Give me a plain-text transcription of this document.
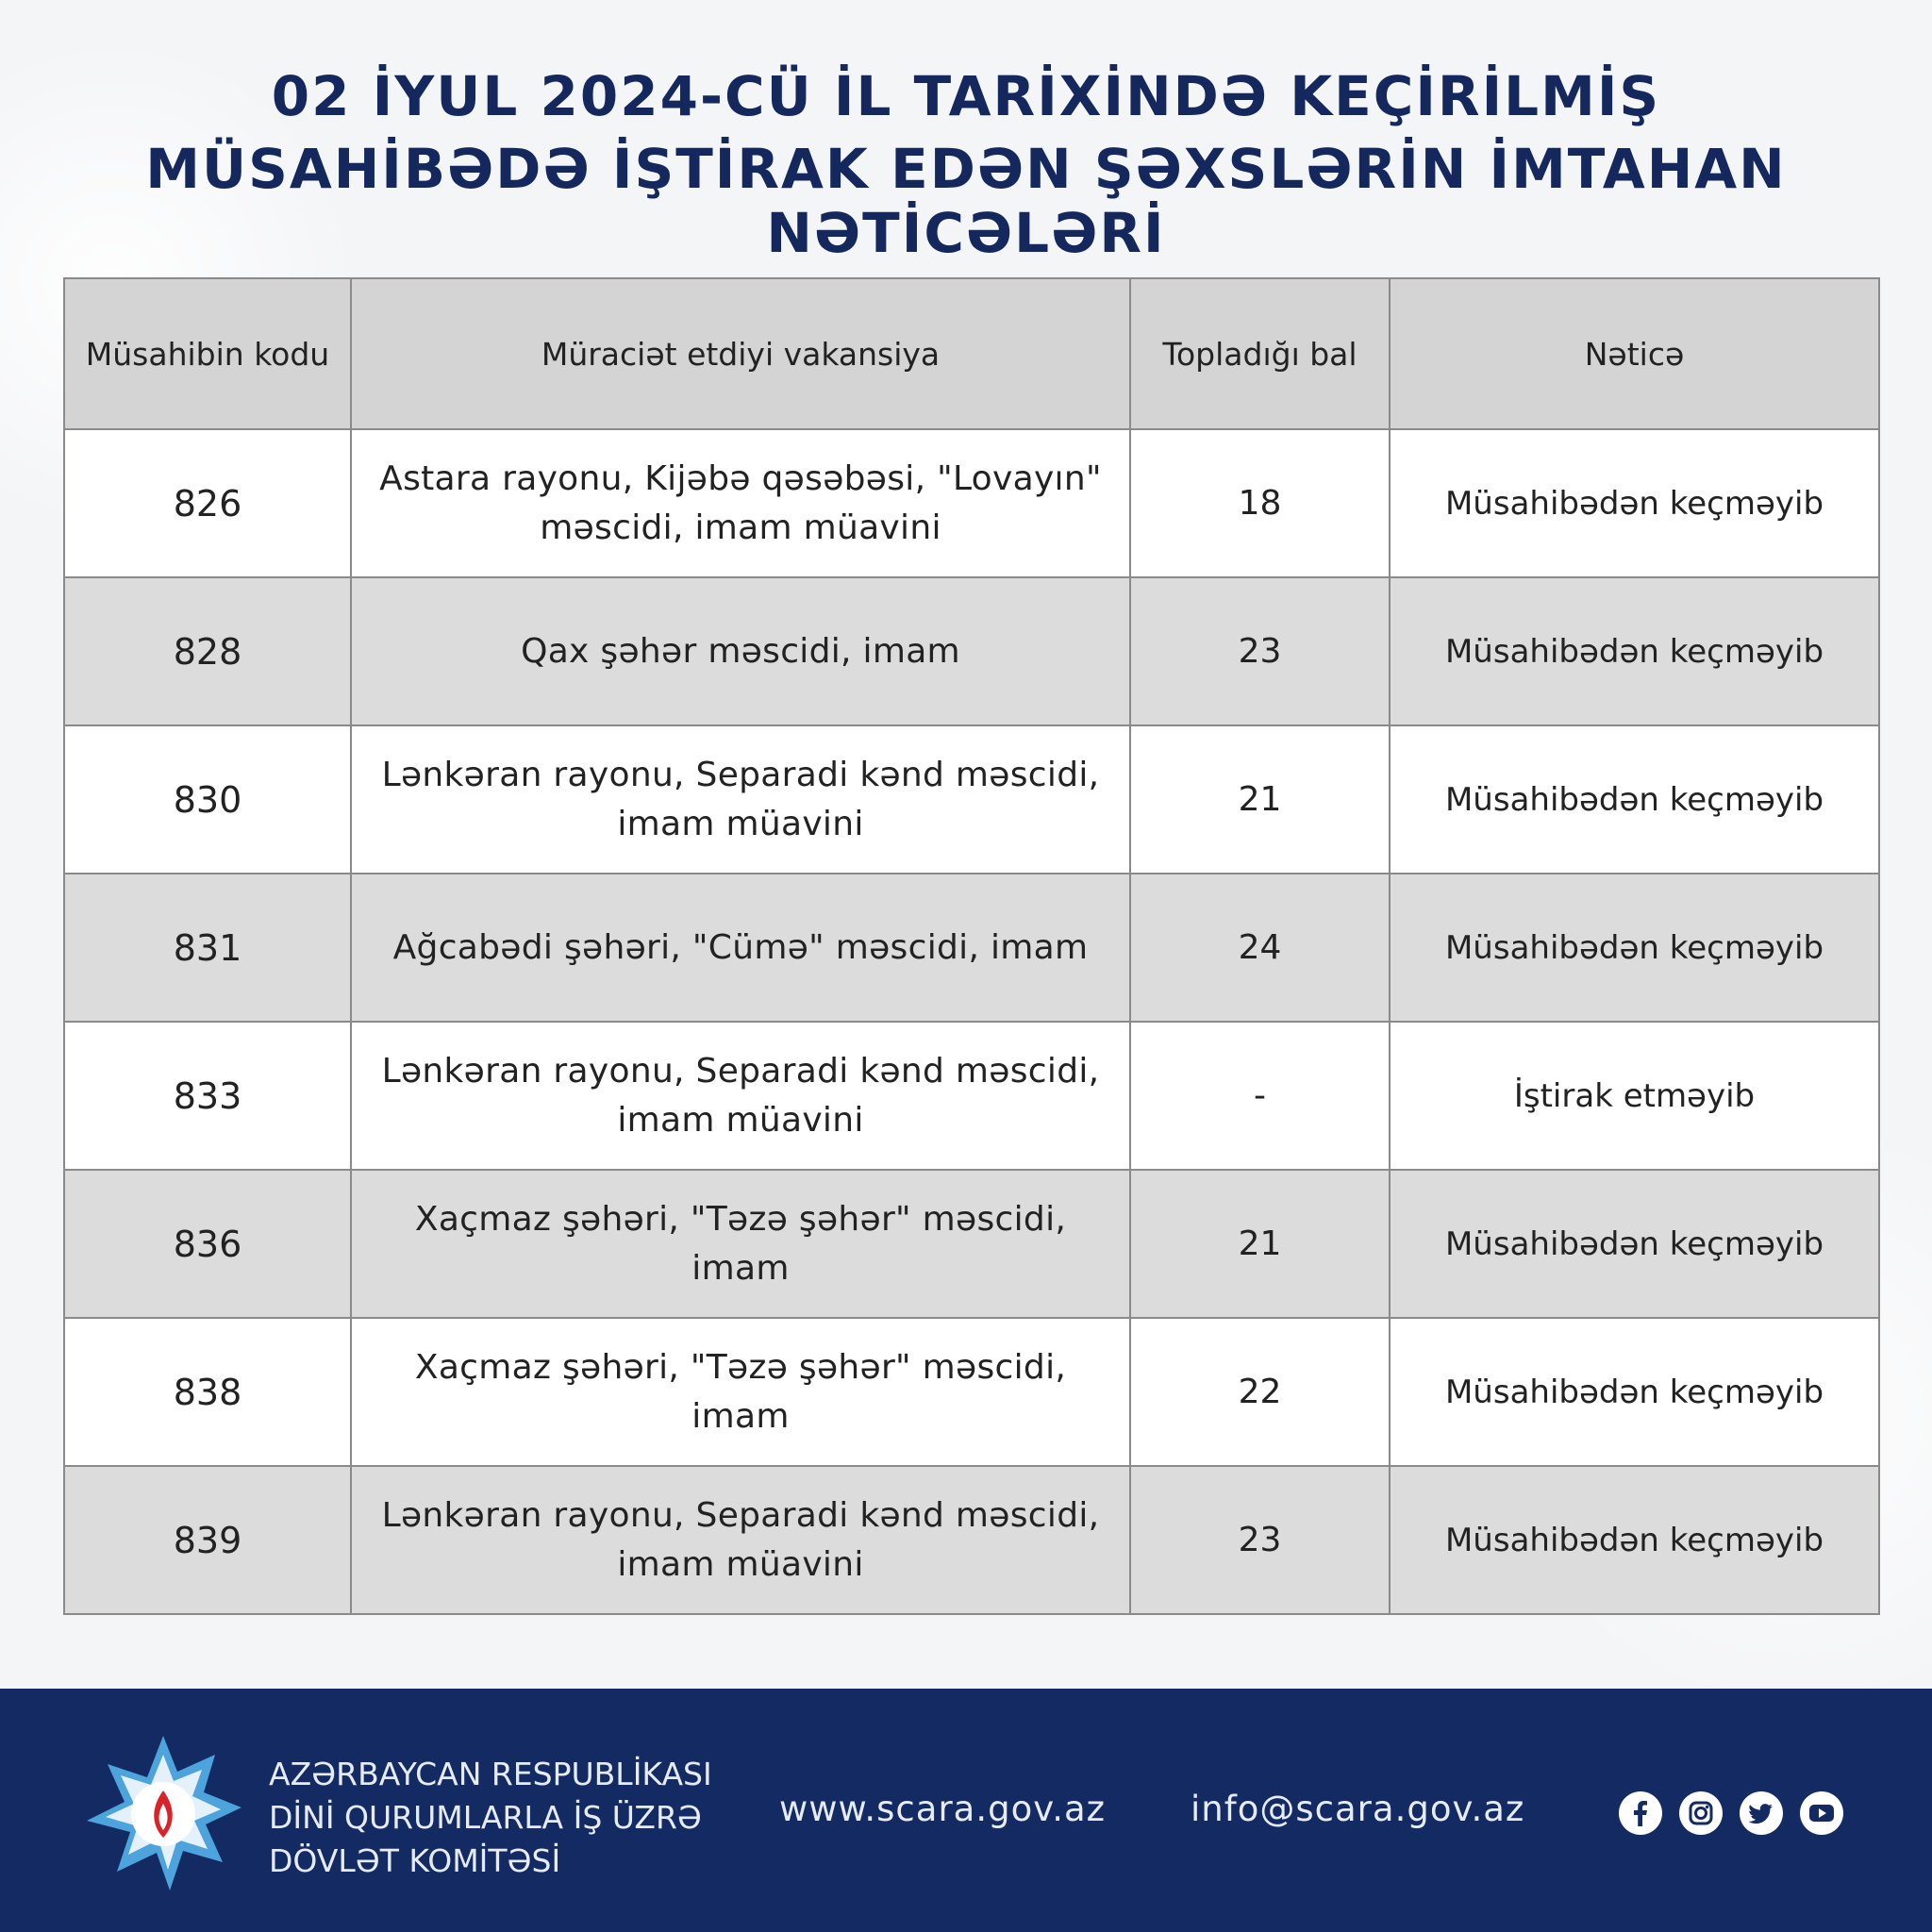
02 İYUL 2024-CÜ İL TARİXİNDƏ KEÇİRİLMİŞ
MÜSAHİBƏDƏ İŞTİRAK EDƏN ŞƏXSLƏRİN İMTAHAN NƏTİCƏLƏRİ
Müsahibin kodu	Müraciət etdiyi vakansiya	Topladığı bal	Nəticə
826	Astara rayonu, Kijəbə qəsəbəsi, "Lovayın"
məscidi, imam müavini	18	Müsahibədən keçməyib
828	Qax şəhər məscidi, imam	23	Müsahibədən keçməyib
830	Lənkəran rayonu, Separadi kənd məscidi,
imam müavini	21	Müsahibədən keçməyib
831	Ağcabədi şəhəri, "Cümə" məscidi, imam	24	Müsahibədən keçməyib
833	Lənkəran rayonu, Separadi kənd məscidi,
imam müavini	-	İştirak etməyib
836	Xaçmaz şəhəri, "Təzə şəhər" məscidi, imam	21	Müsahibədən keçməyib
838	Xaçmaz şəhəri, "Təzə şəhər" məscidi, imam	22	Müsahibədən keçməyib
839	Lənkəran rayonu, Separadi kənd məscidi,
imam müavini	23	Müsahibədən keçməyib
AZƏRBAYCAN RESPUBLİKASI
DİNİ QURUMLARLA İŞ ÜZRƏ
DÖVLƏT KOMİTƏSİ
www.scara.gov.az info@scara.gov.az
